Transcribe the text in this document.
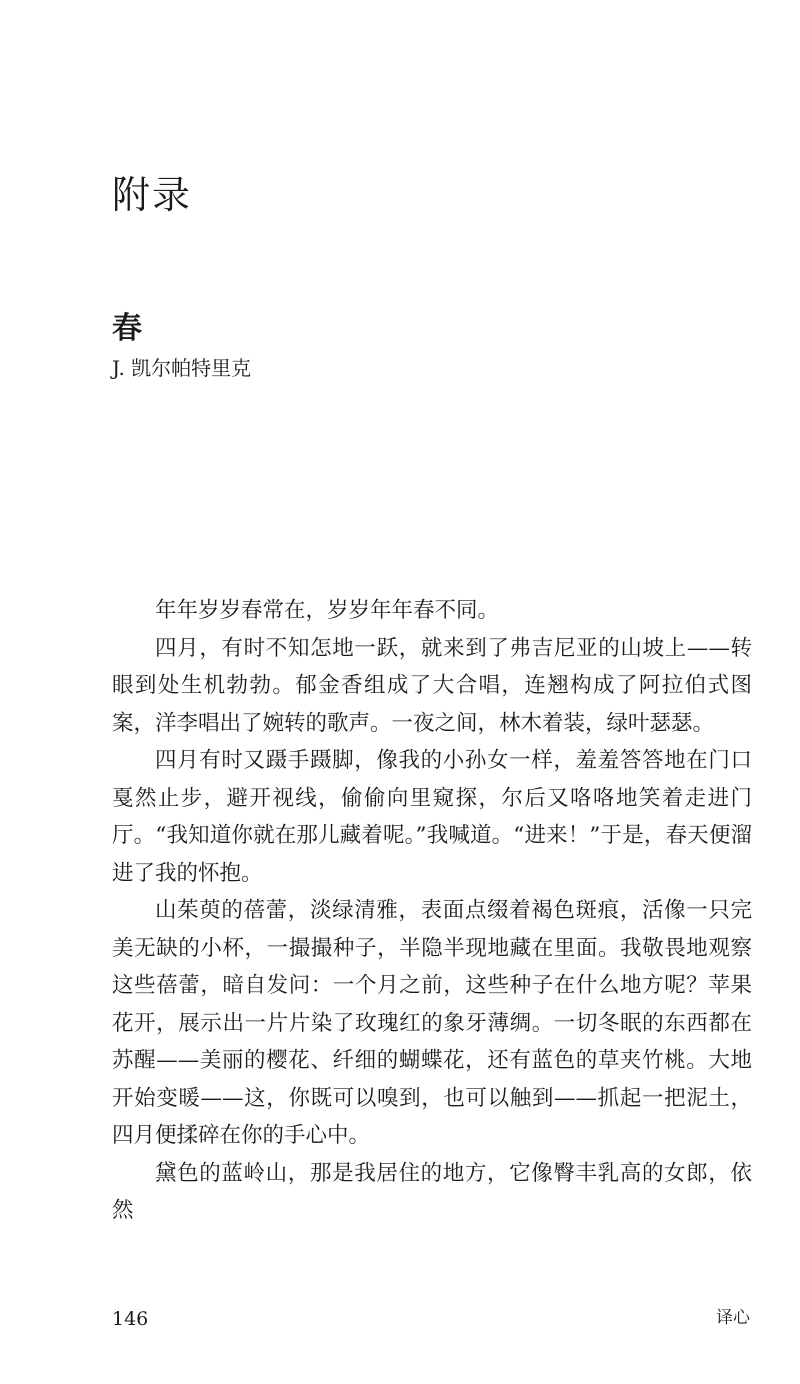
附录
春
J. 凯尔帕特里克

年年岁岁春常在，岁岁年年春不同。

四月，有时不知怎地一跃，就来到了弗吉尼亚的山坡上——转眼到处生机勃勃。郁金香组成了大合唱，连翘构成了阿拉伯式图案，洋李唱出了婉转的歌声。一夜之间，林木着装，绿叶瑟瑟。

四月有时又蹑手蹑脚，像我的小孙女一样，羞羞答答地在门口戛然止步，避开视线，偷偷向里窥探，尔后又咯咯地笑着走进门厅。“我知道你就在那儿藏着呢。”我喊道。“进来！”于是，春天便溜进了我的怀抱。

山茱萸的蓓蕾，淡绿清雅，表面点缀着褐色斑痕，活像一只完美无缺的小杯，一撮撮种子，半隐半现地藏在里面。我敬畏地观察这些蓓蕾，暗自发问：一个月之前，这些种子在什么地方呢？苹果花开，展示出一片片染了玫瑰红的象牙薄绸。一切冬眠的东西都在苏醒——美丽的樱花、纤细的蝴蝶花，还有蓝色的草夹竹桃。大地开始变暖——这，你既可以嗅到，也可以触到——抓起一把泥土，四月便揉碎在你的手心中。

黛色的蓝岭山，那是我居住的地方，它像臀丰乳高的女郎，依然

146	译心
